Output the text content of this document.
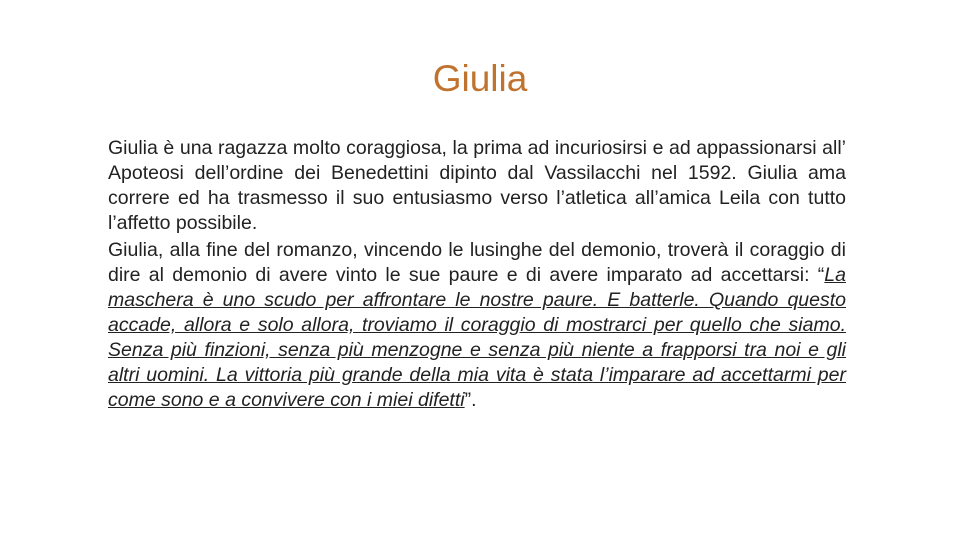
Giulia

Giulia è una ragazza molto coraggiosa, la prima ad incuriosirsi e ad appassionarsi all’ Apoteosi dell’ordine dei Benedettini dipinto dal Vassilacchi nel 1592. Giulia ama correre ed ha trasmesso il suo entusiasmo verso l’atletica all’amica Leila con tutto l’affetto possibile.

Giulia, alla fine del romanzo, vincendo le lusinghe del demonio, troverà il coraggio di dire al demonio di avere vinto le sue paure e di avere imparato ad accettarsi: “La maschera è uno scudo per affrontare le nostre paure. E batterle. Quando questo accade, allora e solo allora, troviamo il coraggio di mostrarci per quello che siamo. Senza più finzioni, senza più menzogne e senza più niente a frapporsi tra noi e gli altri uomini. La vittoria più grande della mia vita è stata l’imparare ad accettarmi per come sono e a convivere con i miei difetti”.
